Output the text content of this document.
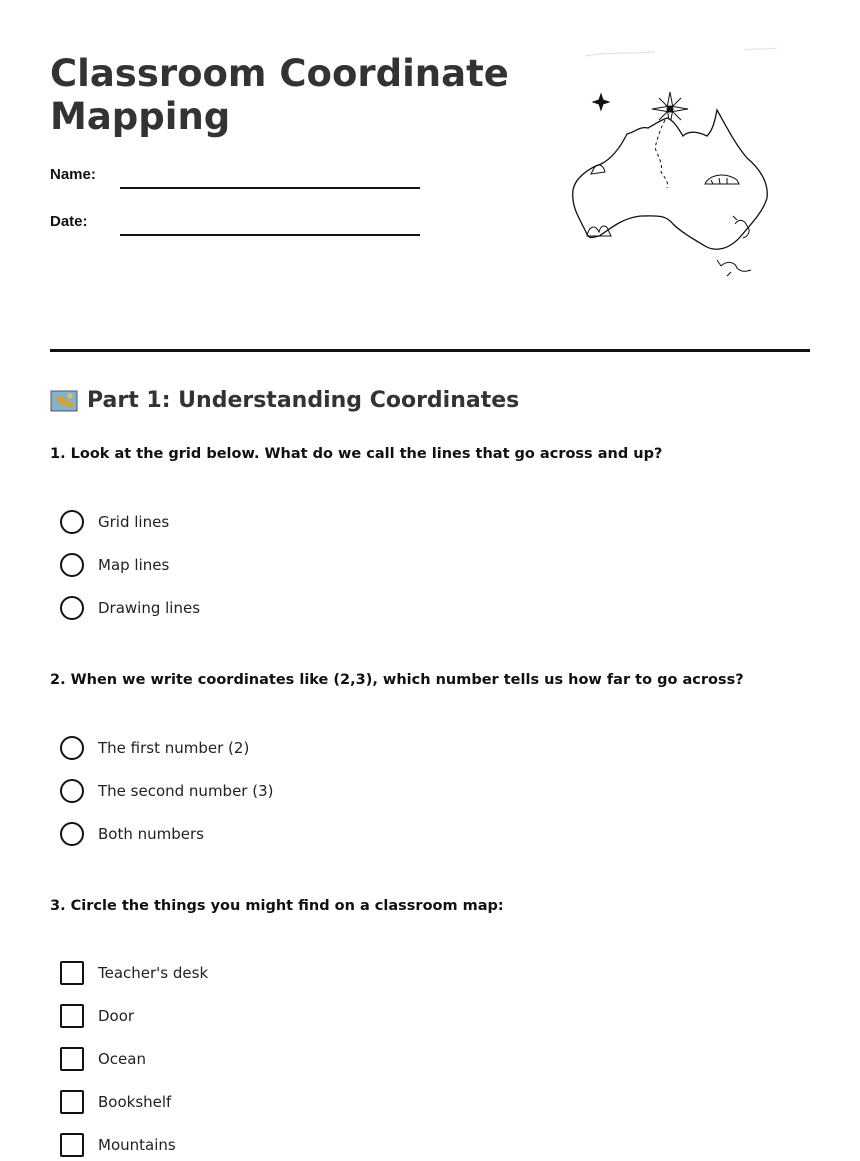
Classroom Coordinate
Mapping
Name:
Date:
Part 1: Understanding Coordinates

1. Look at the grid below. What do we call the lines that go across and up?

Grid lines
Map lines
Drawing lines

2. When we write coordinates like (2,3), which number tells us how far to go across?

The first number (2)
The second number (3)
Both numbers

3. Circle the things you might find on a classroom map:

Teacher's desk
Door
Ocean
Bookshelf
Mountains
